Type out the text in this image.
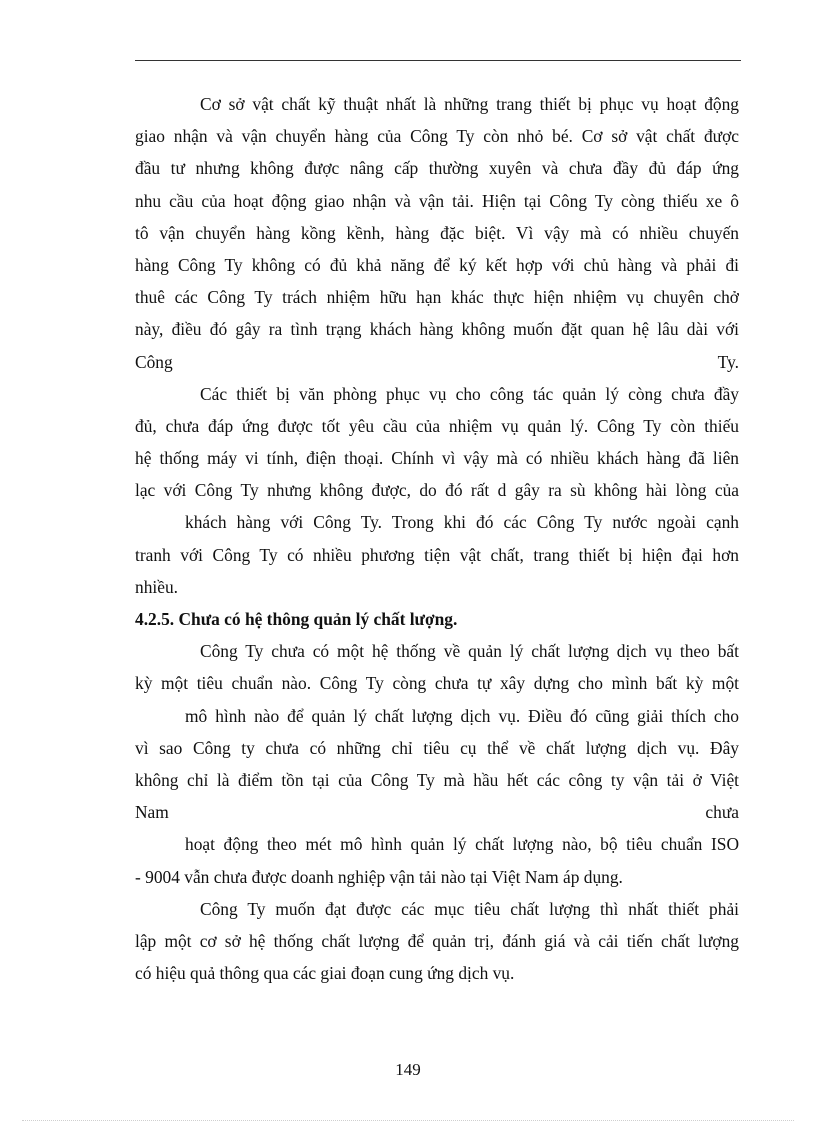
Cơ sở vật chất kỹ thuật nhất là những trang thiết bị phục vụ hoạt động
giao nhận và vận chuyển hàng của Công Ty còn nhỏ bé. Cơ sở vật chất được
đầu tư nhưng không được nâng cấp thường xuyên và chưa đầy đủ đáp ứng
nhu cầu của hoạt động giao nhận và vận tải. Hiện tại Công Ty còng thiếu xe ô
tô vận chuyển hàng kồng kềnh, hàng đặc biệt. Vì vậy mà có nhiều chuyến
hàng Công Ty không có đủ khả năng để ký kết hợp với chủ hàng và phải đi
thuê các Công Ty trách nhiệm hữu hạn khác thực hiện nhiệm vụ chuyên chở
này, điều đó gây ra tình trạng khách hàng không muốn đặt quan hệ lâu dài với
Công Ty.
Các thiết bị văn phòng phục vụ cho công tác quản lý còng chưa đầy
đủ, chưa đáp ứng được tốt yêu cầu của nhiệm vụ quản lý. Công Ty còn thiếu
hệ thống máy vi tính, điện thoại. Chính vì vậy mà có nhiều khách hàng đã liên
lạc với Công Ty nhưng không được, do đó rất d gây ra sù không hài lòng của
khách hàng với Công Ty. Trong khi đó các Công Ty nước ngoài cạnh
tranh với Công Ty có nhiều phương tiện vật chất, trang thiết bị hiện đại hơn
nhiều.
4.2.5. Chưa có hệ thông quản lý chất lượng.
Công Ty chưa có một hệ thống về quản lý chất lượng dịch vụ theo bất
kỳ một tiêu chuẩn nào. Công Ty còng chưa tự xây dựng cho mình bất kỳ một
mô hình nào để quản lý chất lượng dịch vụ. Điều đó cũng giải thích cho
vì sao Công ty chưa có những chỉ tiêu cụ thể về chất lượng dịch vụ. Đây
không chỉ là điểm tồn tại của Công Ty mà hầu hết các công ty vận tải ở Việt
Nam chưa
hoạt động theo mét mô hình quản lý chất lượng nào, bộ tiêu chuẩn ISO
- 9004 vẫn chưa được doanh nghiệp vận tải nào tại Việt Nam áp dụng.
Công Ty muốn đạt được các mục tiêu chất lượng thì nhất thiết phải
lập một cơ sở hệ thống chất lượng để quản trị, đánh giá và cải tiến chất lượng
có hiệu quả thông qua các giai đoạn cung ứng dịch vụ.
149
